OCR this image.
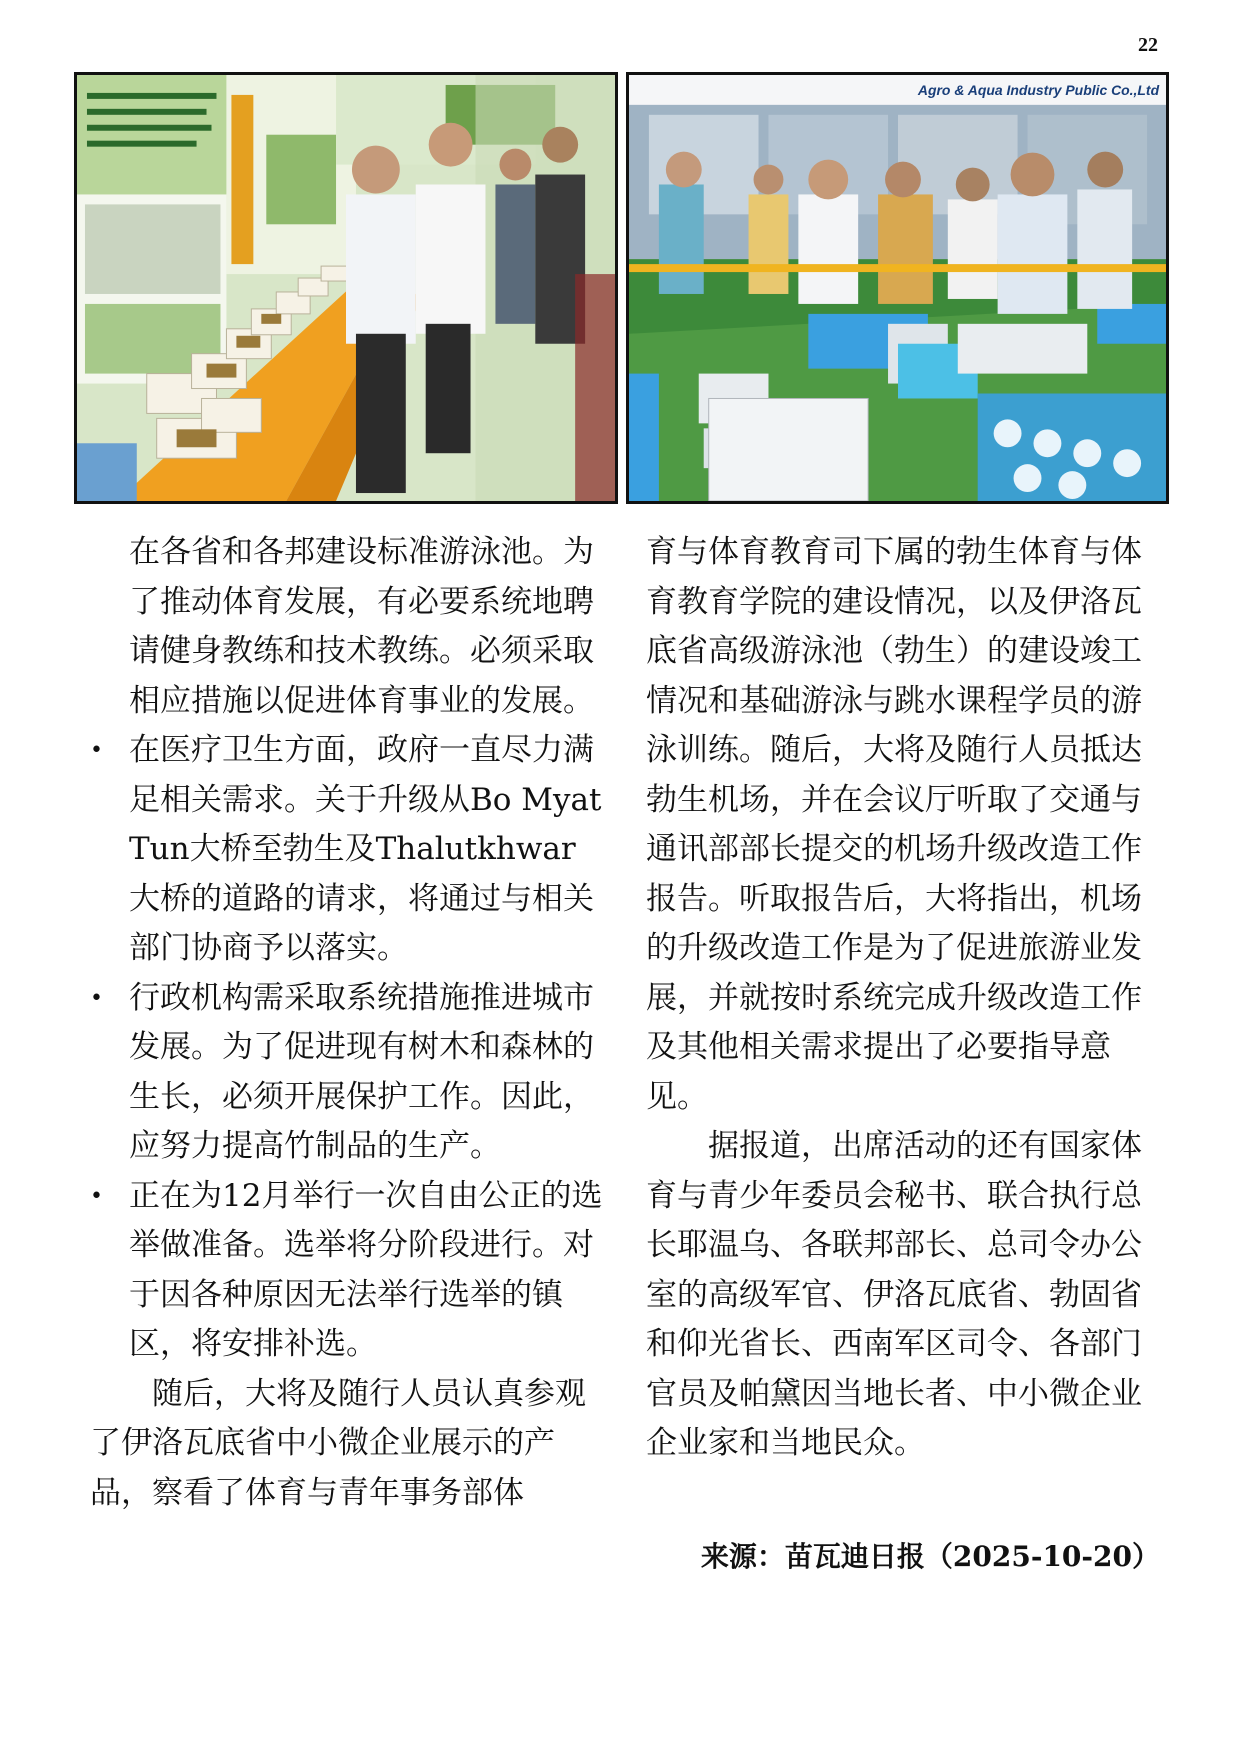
22
Agro & Aqua Industry Public Co.,Ltd

在各省和各邦建设标准游泳池。为了推动体育发展，有必要系统地聘请健身教练和技术教练。必须采取相应措施以促进体育事业的发展。

• 在医疗卫生方面，政府一直尽力满足相关需求。关于升级从Bo Myat Tun大桥至勃生及Thalutkhwar大桥的道路的请求，将通过与相关部门协商予以落实。
• 行政机构需采取系统措施推进城市发展。为了促进现有树木和森林的生长，必须开展保护工作。因此，应努力提高竹制品的生产。
• 正在为12月举行一次自由公正的选举做准备。选举将分阶段进行。对于因各种原因无法举行选举的镇区，将安排补选。

随后，大将及随行人员认真参观了伊洛瓦底省中小微企业展示的产品，察看了体育与青年事务部体

育与体育教育司下属的勃生体育与体育教育学院的建设情况，以及伊洛瓦底省高级游泳池（勃生）的建设竣工情况和基础游泳与跳水课程学员的游泳训练。随后，大将及随行人员抵达勃生机场，并在会议厅听取了交通与通讯部部长提交的机场升级改造工作报告。听取报告后，大将指出，机场的升级改造工作是为了促进旅游业发展，并就按时系统完成升级改造工作及其他相关需求提出了必要指导意见。

据报道，出席活动的还有国家体育与青少年委员会秘书、联合执行总长耶温乌、各联邦部长、总司令办公室的高级军官、伊洛瓦底省、勃固省和仰光省长、西南军区司令、各部门官员及帕黛因当地长者、中小微企业企业家和当地民众。

来源：苗瓦迪日报（2025-10-20）
